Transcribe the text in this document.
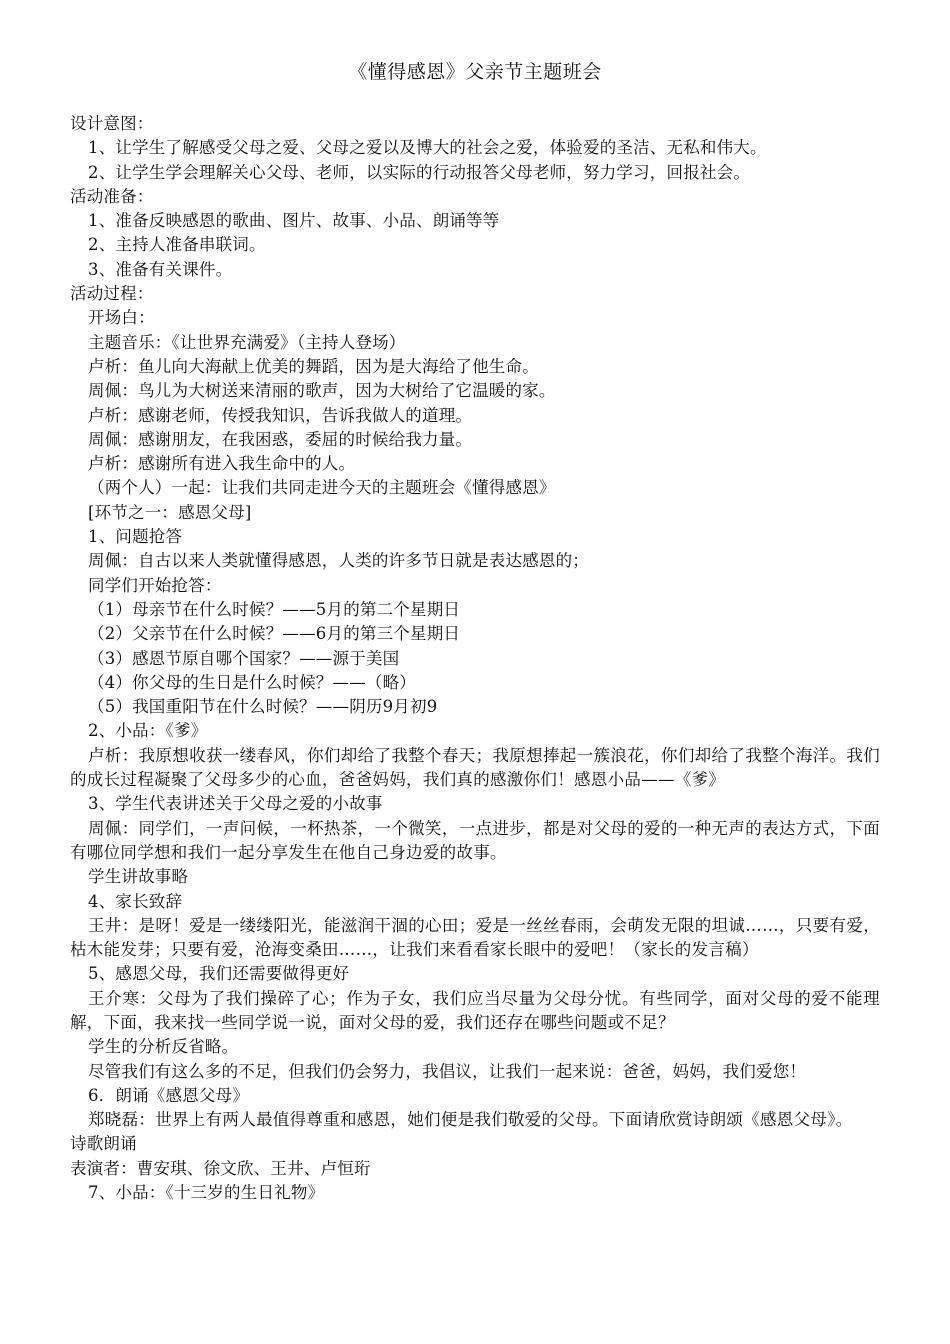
《懂得感恩》父亲节主题班会
设计意图：
1、让学生了解感受父母之爱、父母之爱以及博大的社会之爱，体验爱的圣洁、无私和伟大。
2、让学生学会理解关心父母、老师，以实际的行动报答父母老师，努力学习，回报社会。
活动准备：
1、准备反映感恩的歌曲、图片、故事、小品、朗诵等等
2、主持人准备串联词。
3、准备有关课件。
活动过程：
开场白：
主题音乐：《让世界充满爱》（主持人登场）
卢析：鱼儿向大海献上优美的舞蹈，因为是大海给了他生命。
周佩：鸟儿为大树送来清丽的歌声，因为大树给了它温暖的家。
卢析：感谢老师，传授我知识，告诉我做人的道理。
周佩：感谢朋友，在我困惑，委屈的时候给我力量。
卢析：感谢所有进入我生命中的人。
（两个人）一起：让我们共同走进今天的主题班会《懂得感恩》
[环节之一：感恩父母]
1、问题抢答
周佩：自古以来人类就懂得感恩，人类的许多节日就是表达感恩的；
同学们开始抢答：
（1）母亲节在什么时候？——5月的第二个星期日
（2）父亲节在什么时候？——6月的第三个星期日
（3）感恩节原自哪个国家？——源于美国
（4）你父母的生日是什么时候？——（略）
（5）我国重阳节在什么时候？——阴历9月初9
2、小品：《爹》
卢析：我原想收获一缕春风，你们却给了我整个春天；我原想捧起一簇浪花，你们却给了我整个海洋。我们的成长过程凝聚了父母多少的心血，爸爸妈妈，我们真的感激你们！感恩小品——《爹》
3、学生代表讲述关于父母之爱的小故事
周佩：同学们，一声问候，一杯热茶，一个微笑，一点进步，都是对父母的爱的一种无声的表达方式，下面有哪位同学想和我们一起分享发生在他自己身边爱的故事。
学生讲故事略
4、家长致辞
王井：是呀！爱是一缕缕阳光，能滋润干涸的心田；爱是一丝丝春雨，会萌发无限的坦诚……，只要有爱，枯木能发芽；只要有爱，沧海变桑田……，让我们来看看家长眼中的爱吧！（家长的发言稿）
5、感恩父母，我们还需要做得更好
王介寒：父母为了我们操碎了心；作为子女，我们应当尽量为父母分忧。有些同学，面对父母的爱不能理解，下面，我来找一些同学说一说，面对父母的爱，我们还存在哪些问题或不足？
学生的分析反省略。
尽管我们有这么多的不足，但我们仍会努力，我倡议，让我们一起来说：爸爸，妈妈，我们爱您！
6．朗诵《感恩父母》
郑晓磊：世界上有两人最值得尊重和感恩，她们便是我们敬爱的父母。下面请欣赏诗朗颂《感恩父母》。
诗歌朗诵
表演者：曹安琪、徐文欣、王井、卢恒珩
7、小品：《十三岁的生日礼物》
